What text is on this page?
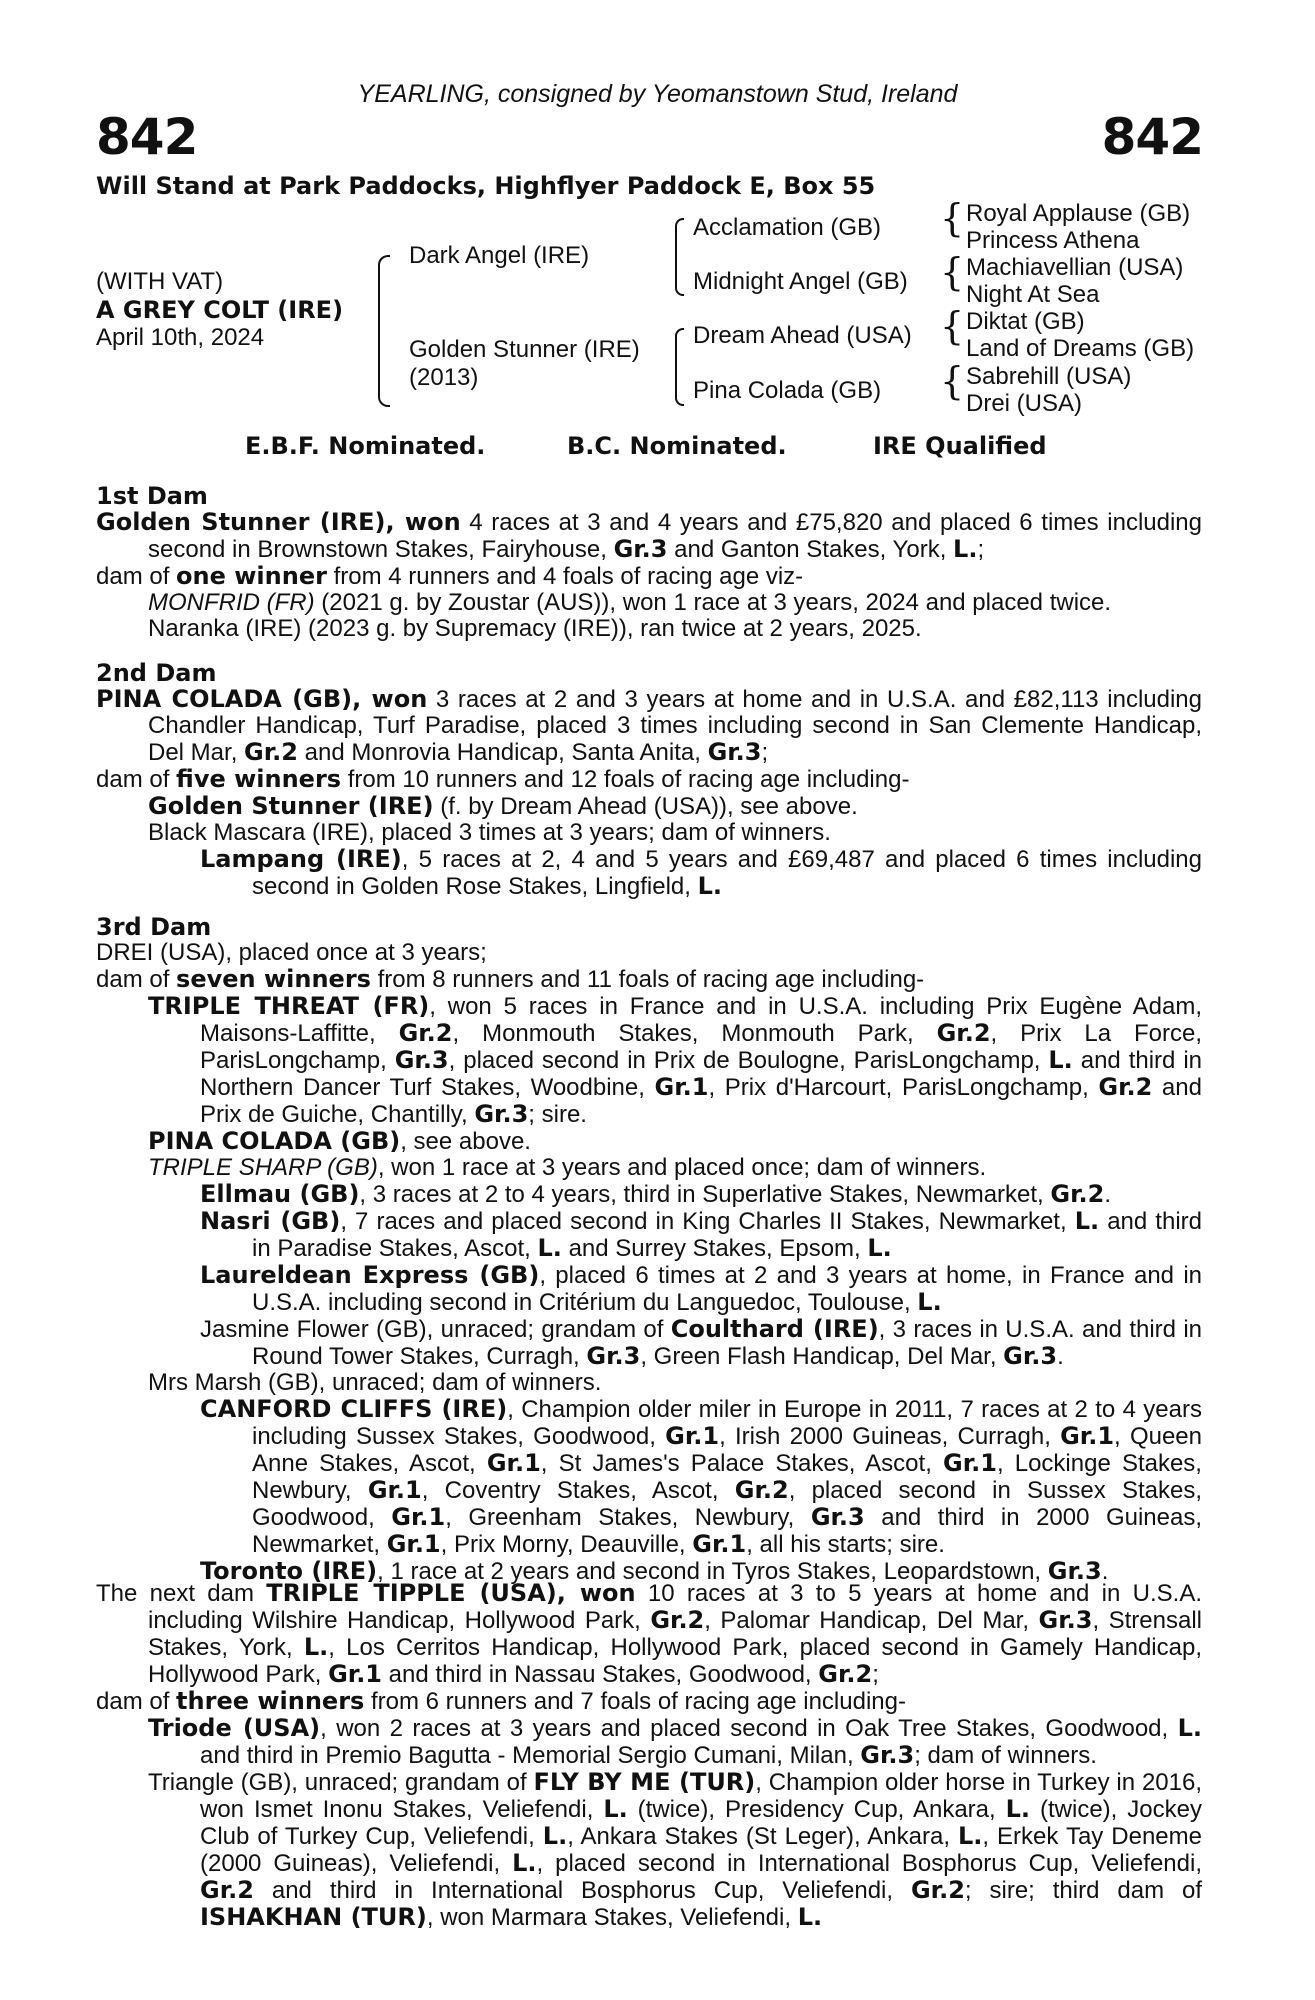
YEARLING, consigned by Yeomanstown Stud, Ireland
842	842
Will Stand at Park Paddocks, Highflyer Paddock E, Box 55
(WITH VAT)
A GREY COLT (IRE)
April 10th, 2024
Dark Angel (IRE)
Golden Stunner (IRE)
(2013)
Acclamation (GB)
Midnight Angel (GB)
Dream Ahead (USA)
Pina Colada (GB)
{
{
{
{
Royal Applause (GB)
Princess Athena
Machiavellian (USA)
Night At Sea
Diktat (GB)
Land of Dreams (GB)
Sabrehill (USA)
Drei (USA)
E.B.F. Nominated.	B.C. Nominated.	IRE Qualified

1st Dam

Golden Stunner (IRE), won 4 races at 3 and 4 years and £75,820 and placed 6 times including second in Brownstown Stakes, Fairyhouse, Gr.3 and Ganton Stakes, York, L.;

dam of one winner from 4 runners and 4 foals of racing age viz-

MONFRID (FR) (2021 g. by Zoustar (AUS)), won 1 race at 3 years, 2024 and placed twice.

Naranka (IRE) (2023 g. by Supremacy (IRE)), ran twice at 2 years, 2025.

2nd Dam

PINA COLADA (GB), won 3 races at 2 and 3 years at home and in U.S.A. and £82,113 including Chandler Handicap, Turf Paradise, placed 3 times including second in San Clemente Handicap, Del Mar, Gr.2 and Monrovia Handicap, Santa Anita, Gr.3;

dam of five winners from 10 runners and 12 foals of racing age including-

Golden Stunner (IRE) (f. by Dream Ahead (USA)), see above.

Black Mascara (IRE), placed 3 times at 3 years; dam of winners.

Lampang (IRE), 5 races at 2, 4 and 5 years and £69,487 and placed 6 times including second in Golden Rose Stakes, Lingfield, L.

3rd Dam

DREI (USA), placed once at 3 years;

dam of seven winners from 8 runners and 11 foals of racing age including-

TRIPLE THREAT (FR), won 5 races in France and in U.S.A. including Prix Eugène Adam, Maisons-Laffitte, Gr.2, Monmouth Stakes, Monmouth Park, Gr.2, Prix La Force, ParisLongchamp, Gr.3, placed second in Prix de Boulogne, ParisLongchamp, L. and third in Northern Dancer Turf Stakes, Woodbine, Gr.1, Prix d'Harcourt, ParisLongchamp, Gr.2 and Prix de Guiche, Chantilly, Gr.3; sire.

PINA COLADA (GB), see above.

TRIPLE SHARP (GB), won 1 race at 3 years and placed once; dam of winners.

Ellmau (GB), 3 races at 2 to 4 years, third in Superlative Stakes, Newmarket, Gr.2.

Nasri (GB), 7 races and placed second in King Charles II Stakes, Newmarket, L. and third in Paradise Stakes, Ascot, L. and Surrey Stakes, Epsom, L.

Laureldean Express (GB), placed 6 times at 2 and 3 years at home, in France and in U.S.A. including second in Critérium du Languedoc, Toulouse, L.

Jasmine Flower (GB), unraced; grandam of Coulthard (IRE), 3 races in U.S.A. and third in Round Tower Stakes, Curragh, Gr.3, Green Flash Handicap, Del Mar, Gr.3.

Mrs Marsh (GB), unraced; dam of winners.

CANFORD CLIFFS (IRE), Champion older miler in Europe in 2011, 7 races at 2 to 4 years including Sussex Stakes, Goodwood, Gr.1, Irish 2000 Guineas, Curragh, Gr.1, Queen Anne Stakes, Ascot, Gr.1, St James's Palace Stakes, Ascot, Gr.1, Lockinge Stakes, Newbury, Gr.1, Coventry Stakes, Ascot, Gr.2, placed second in Sussex Stakes, Goodwood, Gr.1, Greenham Stakes, Newbury, Gr.3 and third in 2000 Guineas, Newmarket, Gr.1, Prix Morny, Deauville, Gr.1, all his starts; sire.

Toronto (IRE), 1 race at 2 years and second in Tyros Stakes, Leopardstown, Gr.3.

The next dam TRIPLE TIPPLE (USA), won 10 races at 3 to 5 years at home and in U.S.A. including Wilshire Handicap, Hollywood Park, Gr.2, Palomar Handicap, Del Mar, Gr.3, Strensall Stakes, York, L., Los Cerritos Handicap, Hollywood Park, placed second in Gamely Handicap, Hollywood Park, Gr.1 and third in Nassau Stakes, Goodwood, Gr.2;

dam of three winners from 6 runners and 7 foals of racing age including-

Triode (USA), won 2 races at 3 years and placed second in Oak Tree Stakes, Goodwood, L. and third in Premio Bagutta - Memorial Sergio Cumani, Milan, Gr.3; dam of winners.

Triangle (GB), unraced; grandam of FLY BY ME (TUR), Champion older horse in Turkey in 2016, won Ismet Inonu Stakes, Veliefendi, L. (twice), Presidency Cup, Ankara, L. (twice), Jockey Club of Turkey Cup, Veliefendi, L., Ankara Stakes (St Leger), Ankara, L., Erkek Tay Deneme (2000 Guineas), Veliefendi, L., placed second in International Bosphorus Cup, Veliefendi, Gr.2 and third in International Bosphorus Cup, Veliefendi, Gr.2; sire; third dam of ISHAKHAN (TUR), won Marmara Stakes, Veliefendi, L.
